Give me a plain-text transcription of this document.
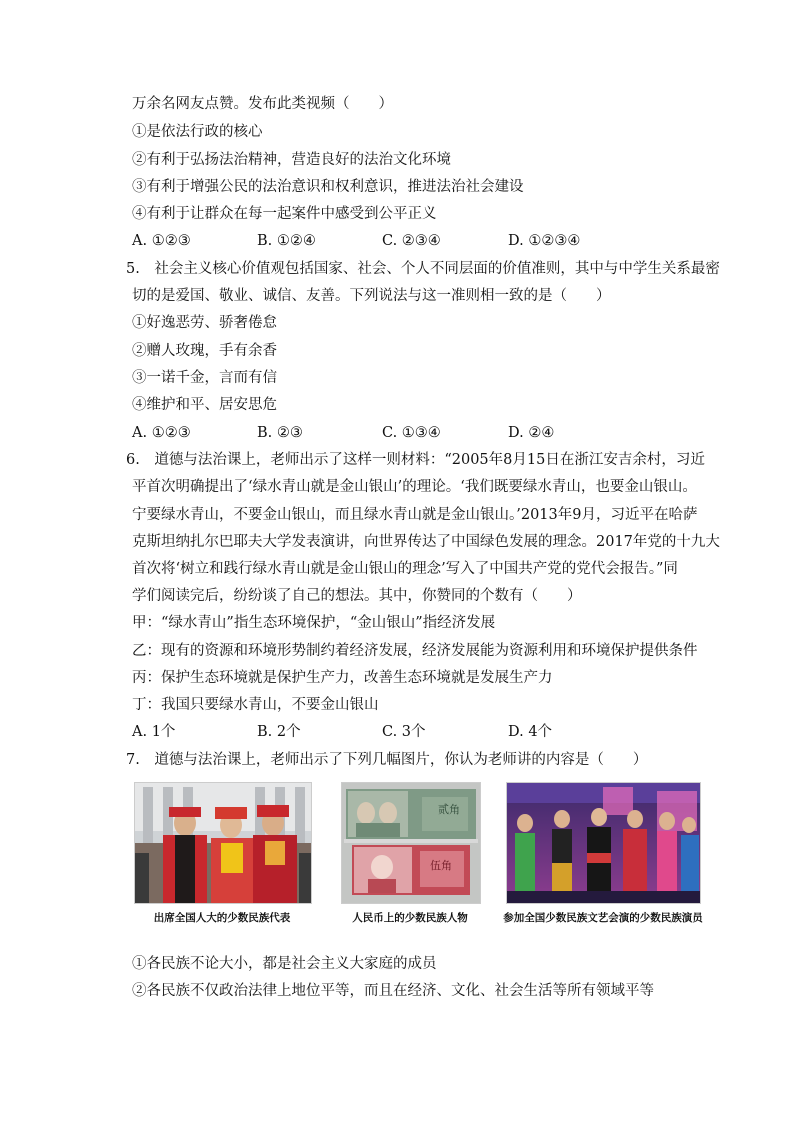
万余名网友点赞。发布此类视频（　　）
①是依法行政的核心
②有利于弘扬法治精神，营造良好的法治文化环境
③有利于增强公民的法治意识和权利意识，推进法治社会建设
④有利于让群众在每一起案件中感受到公平正义
A. ①②③	B. ①②④	C. ②③④	D. ①②③④
5.　社会主义核心价值观包括国家、社会、个人不同层面的价值准则，其中与中学生关系最密
切的是爱国、敬业、诚信、友善。下列说法与这一准则相一致的是（　　）
①好逸恶劳、骄奢倦怠
②赠人玫瑰，手有余香
③一诺千金，言而有信
④维护和平、居安思危
A. ①②③	B. ②③	C. ①③④	D. ②④
6.　道德与法治课上，老师出示了这样一则材料：“2005年8月15日在浙江安吉余村，习近
平首次明确提出了‘绿水青山就是金山银山’的理论。‘我们既要绿水青山，也要金山银山。
宁要绿水青山，不要金山银山，而且绿水青山就是金山银山。’2013年9月，习近平在哈萨
克斯坦纳扎尔巴耶夫大学发表演讲，向世界传达了中国绿色发展的理念。2017年党的十九大
首次将‘树立和践行绿水青山就是金山银山的理念’写入了中国共产党的党代会报告。”同
学们阅读完后，纷纷谈了自己的想法。其中，你赞同的个数有（　　）
甲：“绿水青山”指生态环境保护，“金山银山”指经济发展
乙：现有的资源和环境形势制约着经济发展，经济发展能为资源利用和环境保护提供条件
丙：保护生态环境就是保护生产力，改善生态环境就是发展生产力
丁：我国只要绿水青山，不要金山银山
A. 1个	B. 2个	C. 3个	D. 4个
7.　道德与法治课上，老师出示了下列几幅图片，你认为老师讲的内容是（　　）
贰角
伍角
出席全国人大的少数民族代表	人民币上的少数民族人物	参加全国少数民族文艺会演的少数民族演员
①各民族不论大小，都是社会主义大家庭的成员
②各民族不仅政治法律上地位平等，而且在经济、文化、社会生活等所有领域平等
